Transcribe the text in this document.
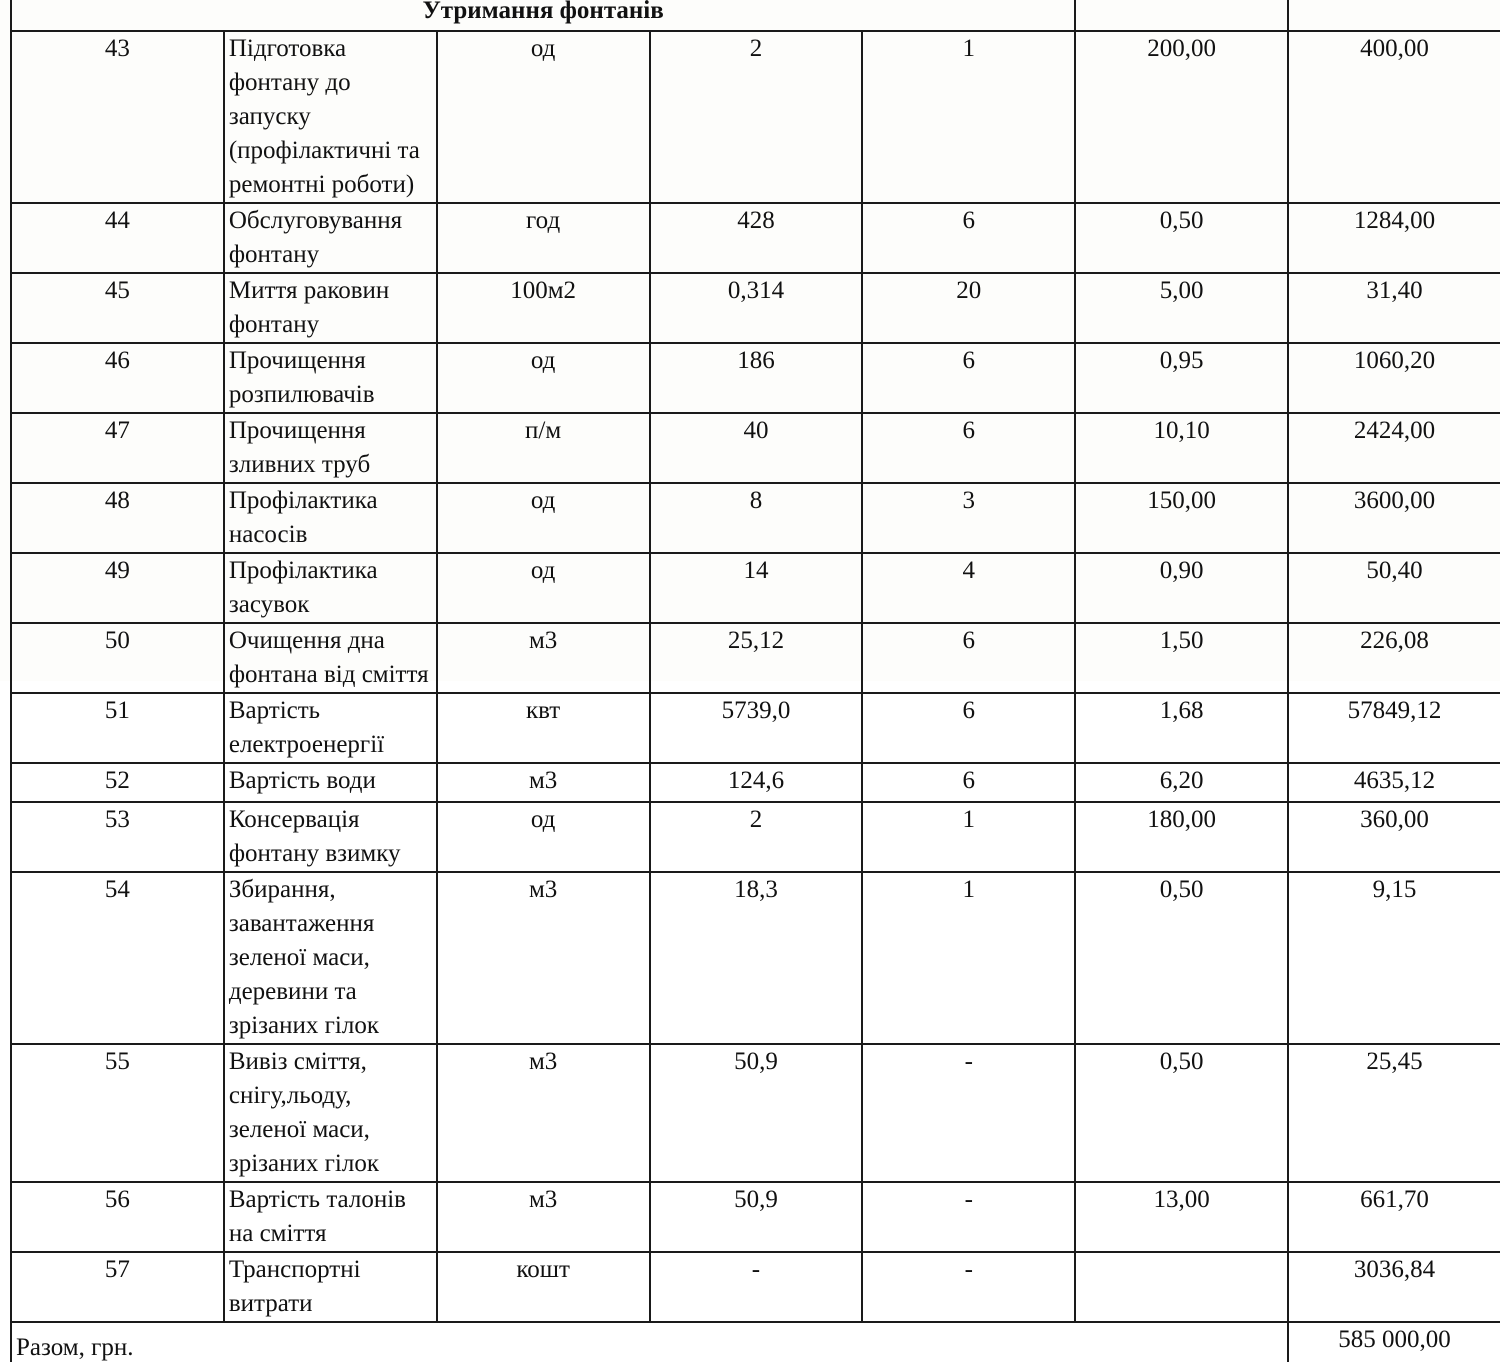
Утримання фонтанів						
43	Підготовка фонтану до запуску (профілактичні та ремонтні роботи)	од	2	1	200,00	400,00
44	Обслуговування фонтану	год	428	6	0,50	1284,00
45	Миття раковин фонтану	100м2	0,314	20	5,00	31,40
46	Прочищення розпилювачів	од	186	6	0,95	1060,20
47	Прочищення зливних труб	п/м	40	6	10,10	2424,00
48	Профілактика насосів	од	8	3	150,00	3600,00
49	Профілактика засувок	од	14	4	0,90	50,40
50	Очищення дна фонтана від сміття	м3	25,12	6	1,50	226,08
51	Вартість електроенергії	квт	5739,0	6	1,68	57849,12
52	Вартість води	м3	124,6	6	6,20	4635,12
53	Консервація фонтану взимку	од	2	1	180,00	360,00
54	Збирання, завантаження зеленої маси, деревини та зрізаних гілок	м3	18,3	1	0,50	9,15
55	Вивіз сміття, снігу,льоду, зеленої маси, зрізаних гілок	м3	50,9	-	0,50	25,45
56	Вартість талонів на сміття	м3	50,9	-	13,00	661,70
57	Транспортні витрати	кошт	-	-		3036,84
Разом, грн.						585 000,00
